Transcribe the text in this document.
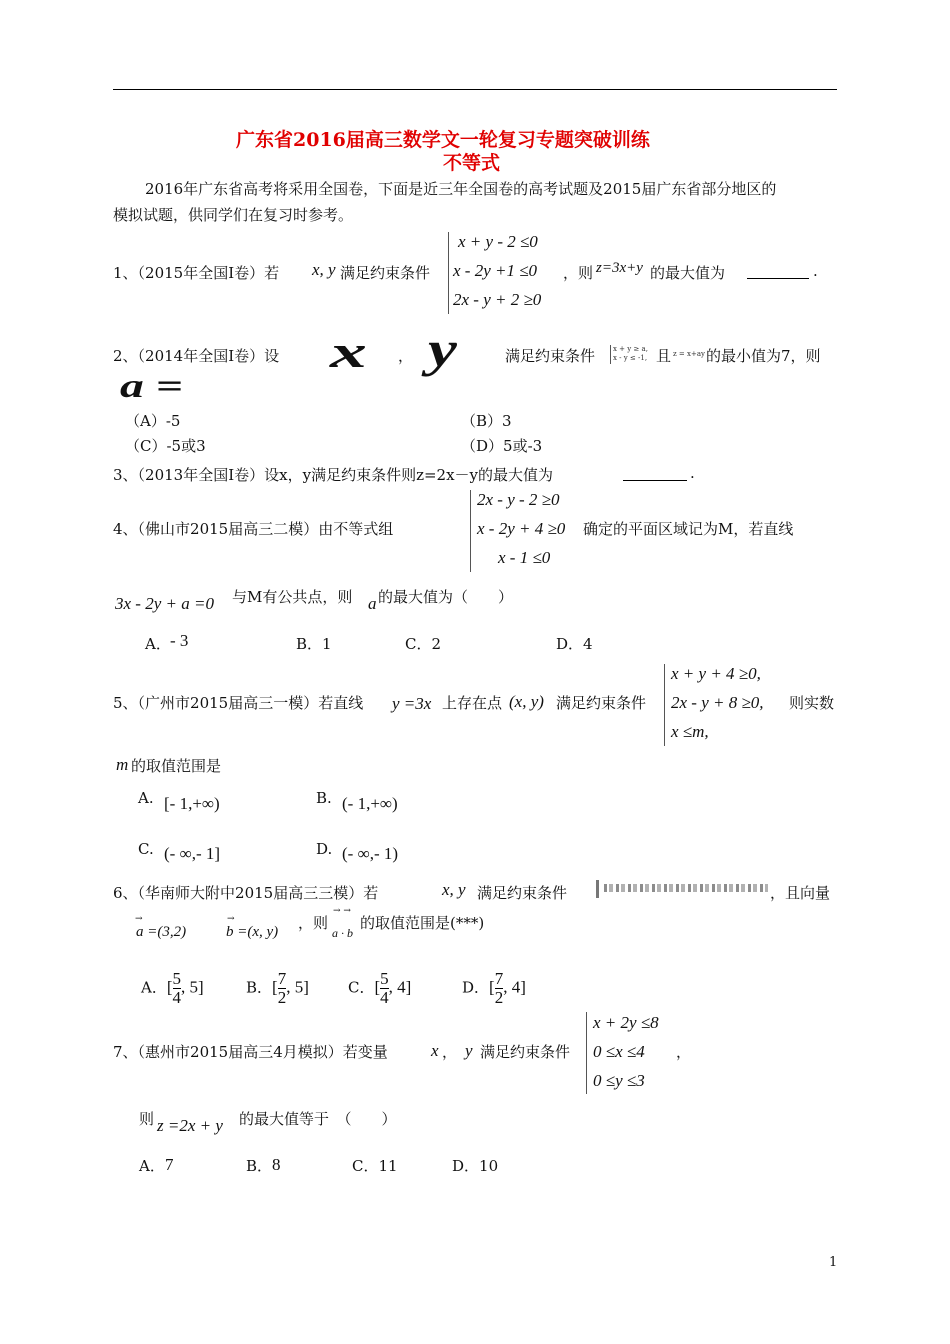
广东省2016届高三数学文一轮复习专题突破训练
不等式
2016年广东省高考将采用全国卷，下面是近三年全国卷的高考试题及2015届广东省部分地区的
模拟试题，供同学们在复习时参考。
1、（2015年全国Ⅰ卷）若 x, y 满足约束条件
x + y - 2 ≤0
x - 2y +1 ≤0
2x - y + 2 ≥0
，则 z=3x+y 的最大值为	.
2、（2014年全国Ⅰ卷）设 x ， y	满足约束条件	x + y ≥ a,
x - y ≤ -1, 且 z = x+ay 的最小值为7，则
a =
（A）-5	（B）3
（C）-5或3	（D）5或-3
3、（2013年全国Ⅰ卷）设x，y满足约束条件则z=2x－y的最大值为	.
4、（佛山市2015届高三二模）由不等式组
2x - y - 2 ≥0
x - 2y + 4 ≥0
x - 1 ≤0
确定的平面区域记为M，若直线
3x - 2y + a =0 与M有公共点，则 a 的最大值为（　　）
A． - 3	B．1	C．2	D．4
5、（广州市2015届高三一模）若直线 y =3x 上存在点 (x, y) 满足约束条件
x + y + 4 ≥0,
2x - y + 8 ≥0,
x ≤m,
则实数
m 的取值范围是
A. [- 1,+∞)	B. (- 1,+∞)
C. (- ∞,- 1]	D. (- ∞,- 1)
6、（华南师大附中2015届高三三模）若	x, y 满足约束条件	，且向量
→
a =(3,2)
→
b =(x, y) ，则
→ →
a · b
的取值范围是(***)
A．[ $\frac{5}{4}$ , 5]	B．[ $\frac{7}{2}$ , 5]	C．[ $\frac{5}{4}$ , 4]	D．[ $\frac{7}{2}$ , 4]
7、（惠州市2015届高三4月模拟）若变量	x ， y 满足约束条件
x + 2y ≤8
0 ≤x ≤4
0 ≤y ≤3
，
则 z =2x + y 的最大值等于　（　　）
A． 7	B． 8	C．11	D．10
1
